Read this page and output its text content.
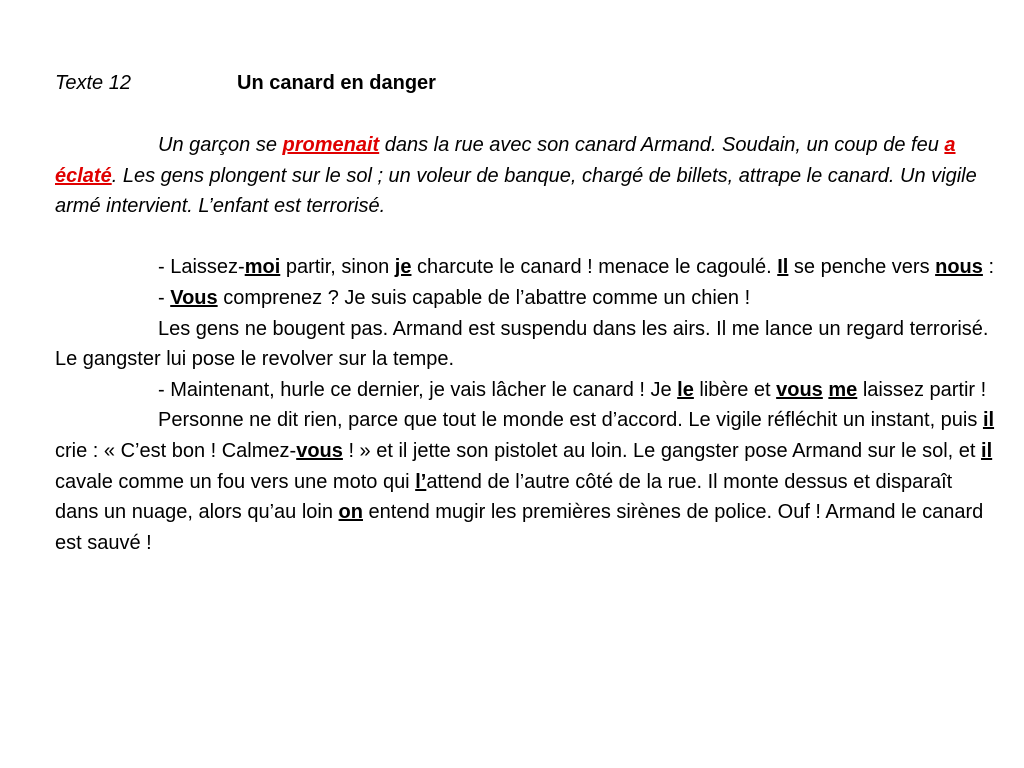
Texte 12	Un canard en danger

Un garçon se promenait dans la rue avec son canard Armand. Soudain, un coup de feu a éclaté. Les gens plongent sur le sol ; un voleur de banque, chargé de billets, attrape le canard. Un vigile armé intervient. L’enfant est terrorisé.

- Laissez-moi partir, sinon je charcute le canard ! menace le cagoulé. Il se penche vers nous :

- Vous comprenez ? Je suis capable de l’abattre comme un chien !

Les gens ne bougent pas. Armand est suspendu dans les airs. Il me lance un regard terrorisé. Le gangster lui pose le revolver sur la tempe.

- Maintenant, hurle ce dernier, je vais lâcher le canard ! Je le libère et vous me laissez partir !

Personne ne dit rien, parce que tout le monde est d’accord. Le vigile réfléchit un instant, puis il crie : « C’est bon ! Calmez-vous ! » et il jette son pistolet au loin. Le gangster pose Armand sur le sol, et il cavale comme un fou vers une moto qui l’attend de l’autre côté de la rue. Il monte dessus et disparaît dans un nuage, alors qu’au loin on entend mugir les premières sirènes de police. Ouf ! Armand le canard est sauvé !
